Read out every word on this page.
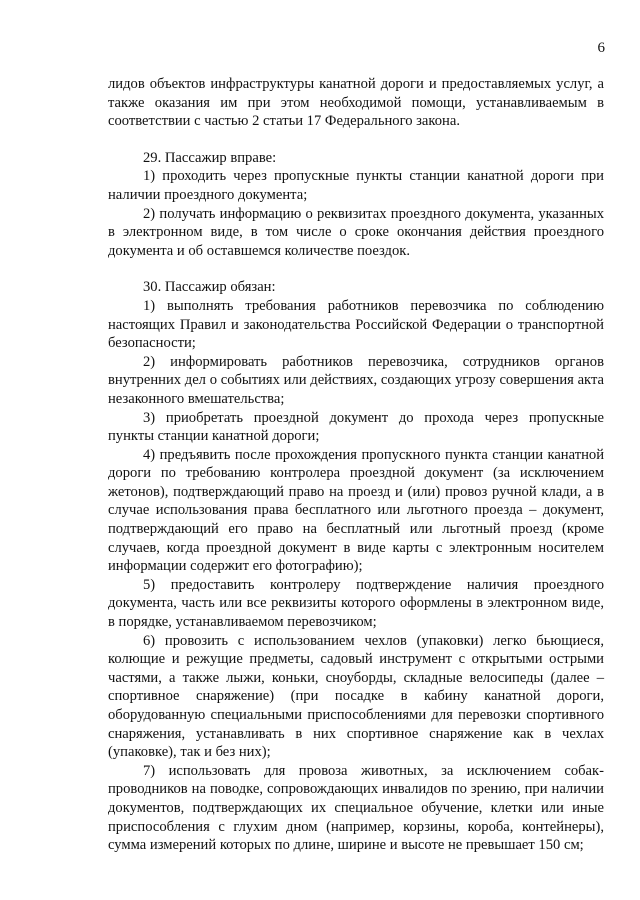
6

лидов объектов инфраструктуры канатной дороги и предоставляемых услуг, а также оказания им при этом необходимой помощи, устанавливаемым в соответствии с частью 2 статьи 17 Федерального закона.

29. Пассажир вправе:

1) проходить через пропускные пункты станции канатной дороги при наличии проездного документа;

2) получать информацию о реквизитах проездного документа, указанных в электронном виде, в том числе о сроке окончания действия проездного документа и об оставшемся количестве поездок.

30. Пассажир обязан:

1) выполнять требования работников перевозчика по соблюдению настоящих Правил и законодательства Российской Федерации о транспортной безопасности;

2) информировать работников перевозчика, сотрудников органов внутренних дел о событиях или действиях, создающих угрозу совершения акта незаконного вмешательства;

3) приобретать проездной документ до прохода через пропускные пункты станции канатной дороги;

4) предъявить после прохождения пропускного пункта станции канатной дороги по требованию контролера проездной документ (за исключением жетонов), подтверждающий право на проезд и (или) провоз ручной клади, а в случае использования права бесплатного или льготного проезда – документ, подтверждающий его право на бесплатный или льготный проезд (кроме случаев, когда проездной документ в виде карты с электронным носителем информации содержит его фотографию);

5) предоставить контролеру подтверждение наличия проездного документа, часть или все реквизиты которого оформлены в электронном виде, в порядке, устанавливаемом перевозчиком;

6) провозить с использованием чехлов (упаковки) легко бьющиеся, колющие и режущие предметы, садовый инструмент с открытыми острыми частями, а также лыжи, коньки, сноуборды, складные велосипеды (далее – спортивное снаряжение) (при посадке в кабину канатной дороги, оборудованную специальными приспособлениями для перевозки спортивного снаряжения, устанавливать в них спортивное снаряжение как в чехлах (упаковке), так и без них);

7) использовать для провоза животных, за исключением собак-проводников на поводке, сопровождающих инвалидов по зрению, при наличии документов, подтверждающих их специальное обучение, клетки или иные приспособления с глухим дном (например, корзины, короба, контейнеры), сумма измерений которых по длине, ширине и высоте не превышает 150 см;
